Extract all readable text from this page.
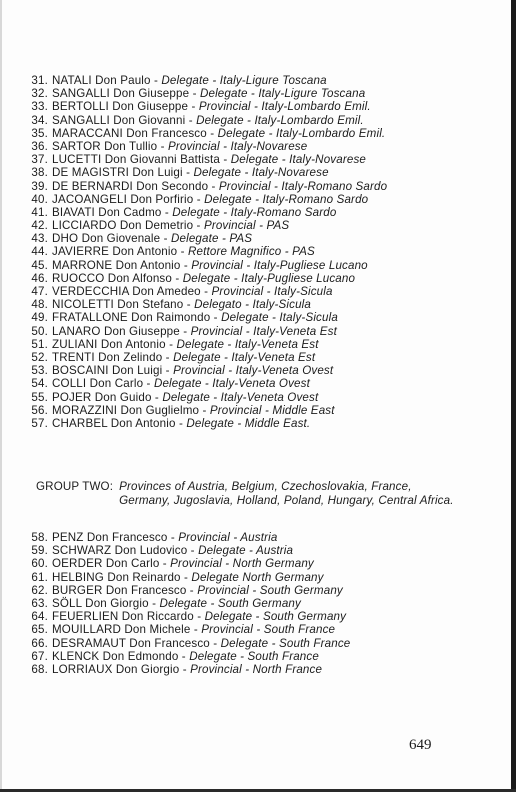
31. NATALI Don Paulo - Delegate - Italy-Ligure Toscana
32. SANGALLI Don Giuseppe - Delegate - Italy-Ligure Toscana
33. BERTOLLI Don Giuseppe - Provincial - Italy-Lombardo Emil.
34. SANGALLI Don Giovanni - Delegate - Italy-Lombardo Emil.
35. MARACCANI Don Francesco - Delegate - Italy-Lombardo Emil.
36. SARTOR Don Tullio - Provincial - Italy-Novarese
37. LUCETTI Don Giovanni Battista - Delegate - Italy-Novarese
38. DE MAGISTRI Don Luigi - Delegate - Italy-Novarese
39. DE BERNARDI Don Secondo - Provincial - Italy-Romano Sardo
40. JACOANGELI Don Porfirio - Delegate - Italy-Romano Sardo
41. BIAVATI Don Cadmo - Delegate - Italy-Romano Sardo
42. LICCIARDO Don Demetrio - Provincial - PAS
43. DHO Don Giovenale - Delegate - PAS
44. JAVIERRE Don Antonio - Rettore Magnifico - PAS
45. MARRONE Don Antonio - Provincial - Italy-Pugliese Lucano
46. RUOCCO Don Alfonso - Delegate - Italy-Pugliese Lucano
47. VERDECCHIA Don Amedeo - Provincial - Italy-Sicula
48. NICOLETTI Don Stefano - Delegato - Italy-Sicula
49. FRATALLONE Don Raimondo - Delegate - Italy-Sicula
50. LANARO Don Giuseppe - Provincial - Italy-Veneta Est
51. ZULIANI Don Antonio - Delegate - Italy-Veneta Est
52. TRENTI Don Zelindo - Delegate - Italy-Veneta Est
53. BOSCAINI Don Luigi - Provincial - Italy-Veneta Ovest
54. COLLI Don Carlo - Delegate - Italy-Veneta Ovest
55. POJER Don Guido - Delegate - Italy-Veneta Ovest
56. MORAZZINI Don Guglielmo - Provincial - Middle East
57. CHARBEL Don Antonio - Delegate - Middle East.
GROUP TWO: Provinces of Austria, Belgium, Czechoslovakia, France, Germany, Jugoslavia, Holland, Poland, Hungary, Central Africa.
58. PENZ Don Francesco - Provincial - Austria
59. SCHWARZ Don Ludovico - Delegate - Austria
60. OERDER Don Carlo - Provincial - North Germany
61. HELBING Don Reinardo - Delegate North Germany
62. BURGER Don Francesco - Provincial - South Germany
63. SÖLL Don Giorgio - Delegate - South Germany
64. FEUERLIEN Don Riccardo - Delegate - South Germany
65. MOUILLARD Don Michele - Provincial - South France
66. DESRAMAUT Don Francesco - Delegate - South France
67. KLENCK Don Edmondo - Delegate - South France
68. LORRIAUX Don Giorgio - Provincial - North France
649
